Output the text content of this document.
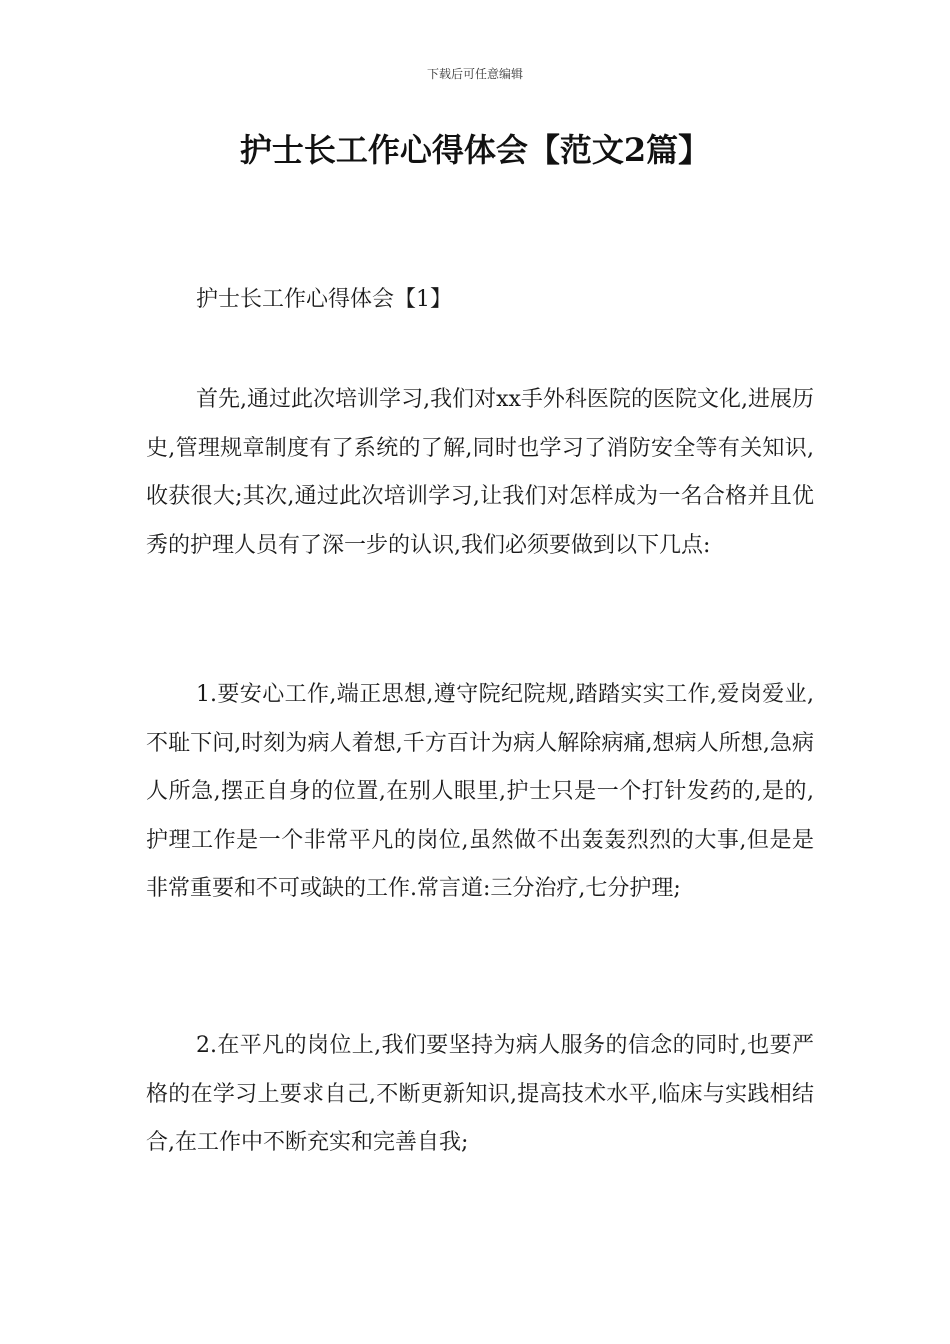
下载后可任意编辑
护士长工作心得体会【范文2篇】
护士长工作心得体会【1】

首先,通过此次培训学习,我们对xx手外科医院的医院文化,进展历史,管理规章制度有了系统的了解,同时也学习了消防安全等有关知识,收获很大;其次,通过此次培训学习,让我们对怎样成为一名合格并且优秀的护理人员有了深一步的认识,我们必须要做到以下几点:

1.要安心工作,端正思想,遵守院纪院规,踏踏实实工作,爱岗爱业,不耻下问,时刻为病人着想,千方百计为病人解除病痛,想病人所想,急病人所急,摆正自身的位置,在别人眼里,护士只是一个打针发药的,是的,护理工作是一个非常平凡的岗位,虽然做不出轰轰烈烈的大事,但是是非常重要和不可或缺的工作.常言道:三分治疗,七分护理;

2.在平凡的岗位上,我们要坚持为病人服务的信念的同时,也要严格的在学习上要求自己,不断更新知识,提高技术水平,临床与实践相结合,在工作中不断充实和完善自我;
